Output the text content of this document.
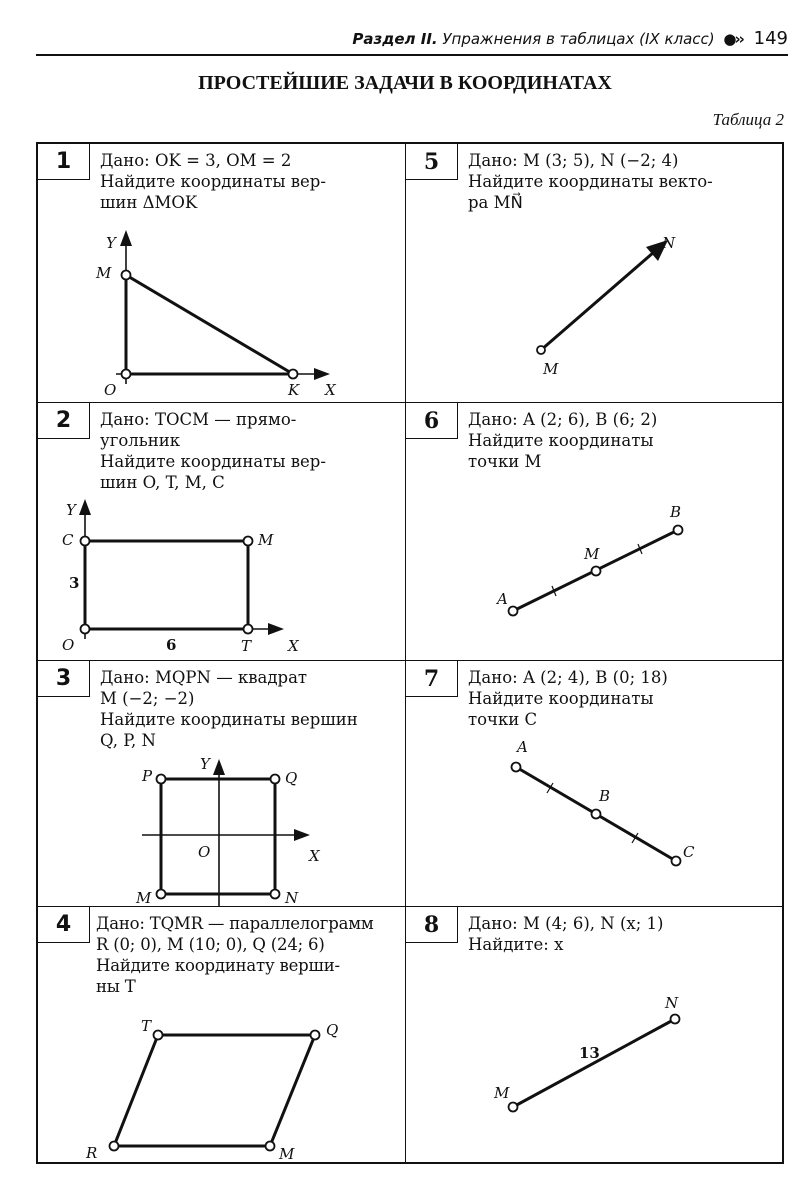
Раздел II. Упражнения в таблицах (IX класс) ●›› 149
ПРОСТЕЙШИЕ ЗАДАЧИ В КООРДИНАТАХ
Таблица 2
1	Дано: OK = 3, OM = 2
Найдите координаты вер-
шин ΔMOK
Y
M
O	K X
5	Дано: M (3; 5), N (−2; 4)
Найдите координаты векто-
ра MN⃗
M
N
2	Дано: TOCM — прямо-
угольник
Найдите координаты вер-
шин O, T, M, C
Y
C	M
3
O	6	T X
6	Дано: A (2; 6), B (6; 2)
Найдите координаты
точки M
A
M
B
3	Дано: MQPN — квадрат
M (−2; −2)
Найдите координаты вершин
Q, P, N
Y
P	Q
O	X
M	N
7	Дано: A (2; 4), B (0; 18)
Найдите координаты
точки C
A
B
C
4	Дано: TQMR — параллелограмм
R (0; 0), M (10; 0), Q (24; 6)
Найдите координату верши-
ны T
T	Q
R	M
8	Дано: M (4; 6), N (x; 1)
Найдите: x
M
N
13
